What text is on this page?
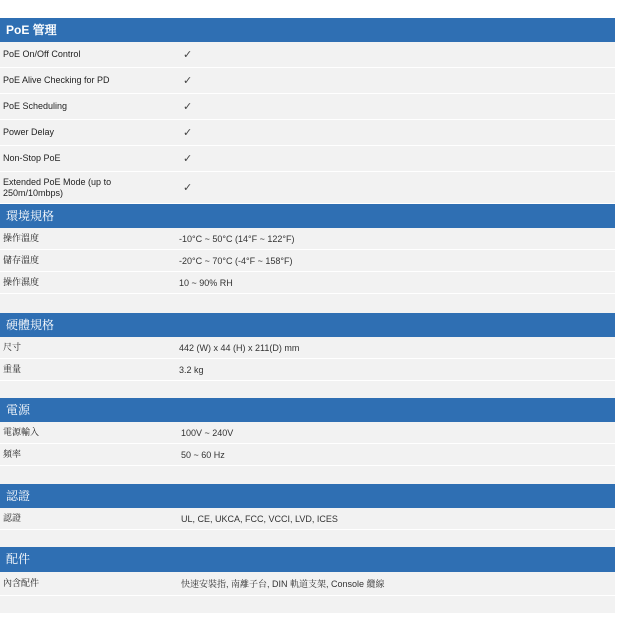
PoE 管理
PoE On/Off Control	✓
PoE Alive Checking for PD	✓
PoE Scheduling	✓
Power Delay	✓
Non-Stop PoE	✓
Extended PoE Mode (up to 250m/10mbps)	✓
環境規格
操作溫度	-10°C ~ 50°C (14°F ~ 122°F)
儲存溫度	-20°C ~ 70°C (-4°F ~ 158°F)
操作濕度	10 ~ 90% RH
硬體規格
尺寸	442 (W) x 44 (H) x 211(D) mm
重量	3.2 kg
電源
電源輸入	100V ~ 240V
頻率	50 ~ 60 Hz
認證
認證	UL, CE, UKCA, FCC, VCCI, LVD, ICES
配件
內含配件	快速安裝指, 南離子台, DIN 軌道支架, Console 纜線
